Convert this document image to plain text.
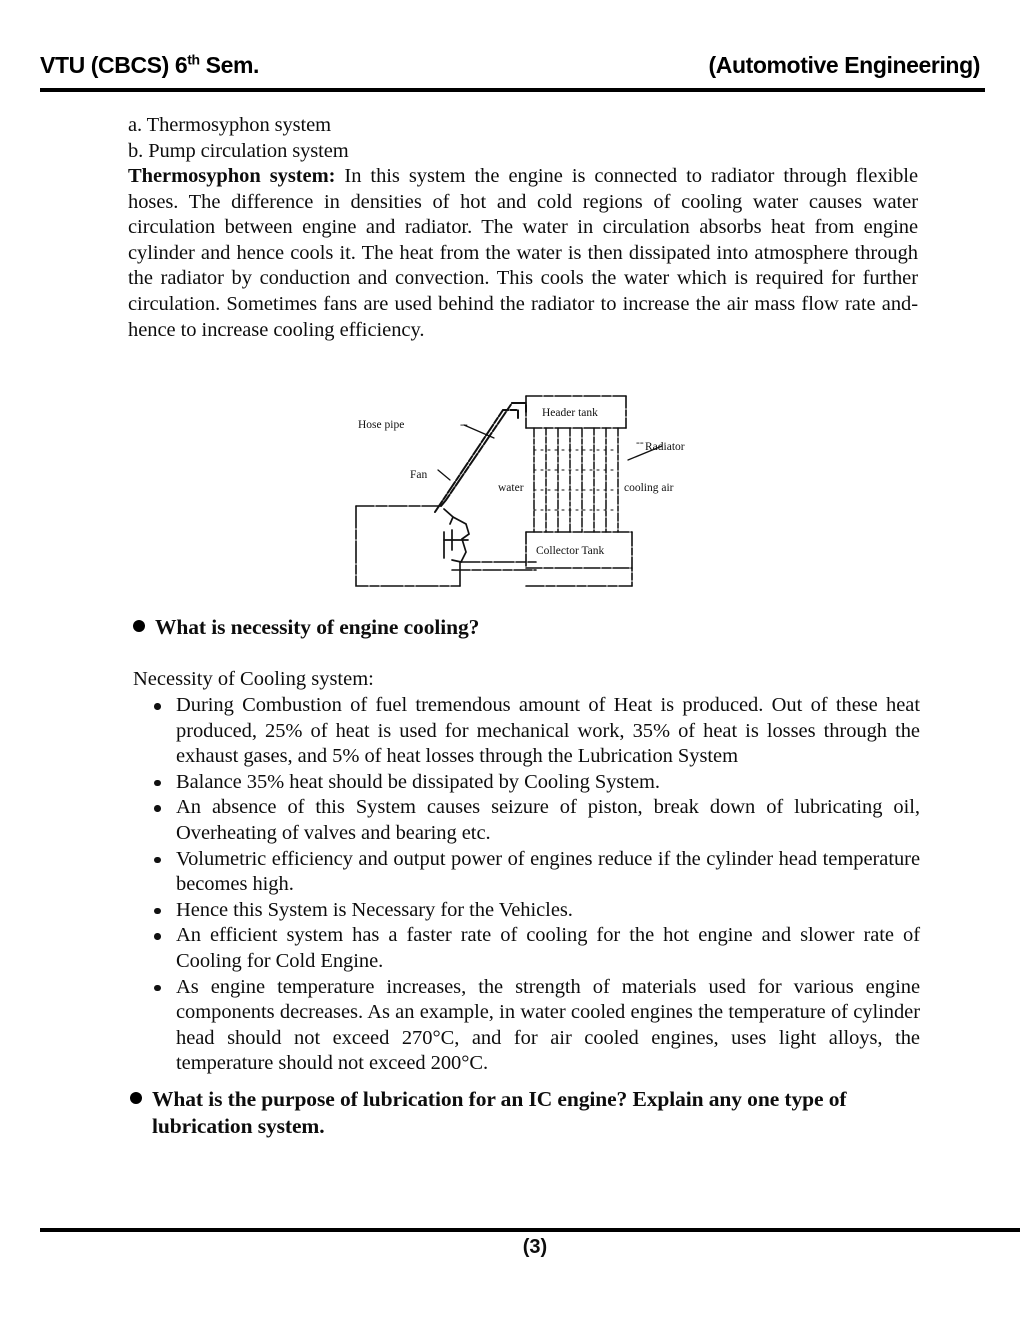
VTU (CBCS) 6th Sem.	(Automotive Engineering)
a. Thermosyphon system
b. Pump circulation system

Thermosyphon system: In this system the engine is connected to radiator through flexible hoses. The difference in densities of hot and cold regions of cooling water causes water circulation between engine and radiator. The water in circulation absorbs heat from engine cylinder and hence cools it. The heat from the water is then dissipated into atmosphere through the radiator by conduction and convection. This cools the water which is required for further circulation. Sometimes fans are used behind the radiator to increase the air mass flow rate and- hence to increase cooling efficiency.

Hose pipe	--
Fan
Header tank
Radiator
--
water	cooling air
Collector Tank
What is necessity of engine cooling?
Necessity of Cooling system:
During Combustion of fuel tremendous amount of Heat is produced. Out of these heat produced, 25% of heat is used for mechanical work, 35% of heat is losses through the exhaust gases, and 5% of heat losses through the Lubrication System
Balance 35% heat should be dissipated by Cooling System.
An absence of this System causes seizure of piston, break down of lubricating oil, Overheating of valves and bearing etc.
Volumetric efficiency and output power of engines reduce if the cylinder head temperature becomes high.
Hence this System is Necessary for the Vehicles.
An efficient system has a faster rate of cooling for the hot engine and slower rate of Cooling for Cold Engine.
As engine temperature increases, the strength of materials used for various engine components decreases. As an example, in water cooled engines the temperature of cylinder head should not exceed 270°C, and for air cooled engines, uses light alloys, the temperature should not exceed 200°C.
What is the purpose of lubrication for an IC engine? Explain any one type of lubrication system.
(3)
